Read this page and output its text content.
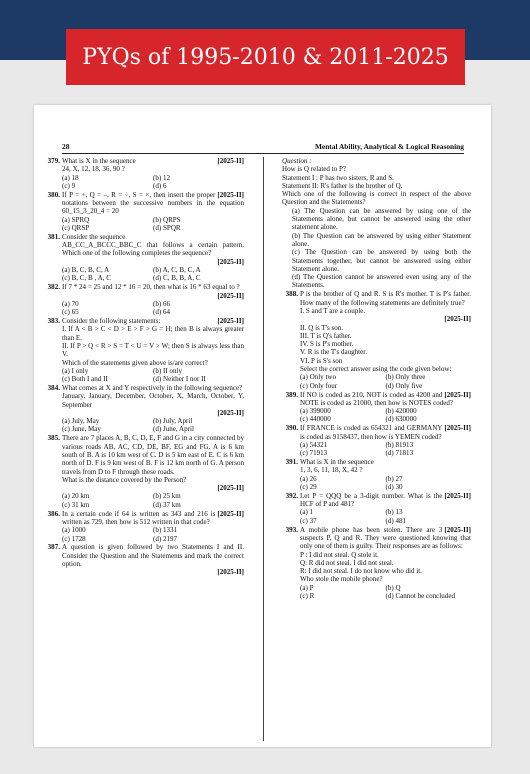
PYQs of 1995-2010 & 2011-2025
28	Mental Ability, Analytical & Logical Reasoning
379.	[2025-II]
What is X in the sequence
24, X, 12, 18, 36, 90 ?
(a) 18	(b) 12
(c) 9	(d) 6
380.	[2025-II]
If P = +, Q = –, R = ÷, S = ×, then insert the proper notations between the successive numbers in the equation 60_15_3_20_4 = 20
(a) SPRQ	(b) QRPS
(c) QRSP	(d) SPQR
381. Consider the sequence
AB_CC_A_BCCC_BBC_C that follows a certain pattern. Which one of the following completes the sequence?
[2025-II]
(a) B, C, B, C, A	(b) A, C, B, C, A
(c) B, C, B , A, C	(d) C, B, B, A, C
382. If 7 * 24 = 25 and 12 * 16 = 20, then what is 16 * 63 equal to ?
[2025-II]
(a) 70	(b) 66
(c) 65	(d) 64
383.	[2025-II]
Consider the following statements:
I. If A < B > C < D > E > F > G = H; then B is always greater than E.
II. If P > Q < R > S = T < U = V > W; then S is always less than V.
Which of the statements given above is/are correct?
(a) I only	(b) II only
(c) Both I and II	(d) Neither I nor II
384. What comes at X and Y respectively in the following sequence?
January, January, December, October, X, March, October, Y, September
[2025-II]
(a) July, May	(b) July, April
(c) June, May	(d) June, April
385. There are 7 places A, B, C, D, E, F and G in a city connected by various roads AB, AC, CD, DE, BF, EG and FG. A is 6 km south of B. A is 10 km west of C. D is 5 km east of E. C is 6 km north of D. F is 9 km west of B. F is 12 km north of G. A person travels from D to F through these roads.
What is the distance covered by the Person?
[2025-II]
(a) 20 km	(b) 25 km
(c) 31 km	(d) 37 km
386.	[2025-II]
In a certain code if 64 is written as 343 and 216 is written as 729, then how is 512 written in that code?
(a) 1000	(b) 1331
(c) 1728	(d) 2197
387. A question is given followed by two Statements I and II. Consider the Question and the Statements and mark the correct option.
[2025-II]
Question :
How is Q related to P?
Statement I : P has two sisters, R and S.
Statement II: R's father is the brother of Q.
Which one of the following is correct in respect of the above Question and the Statements?
(a) The Question can be answered by using one of the Statements alone, but cannot be answered using the other statement alone.
(b) The Question can be answered by using either Statement alone.
(c) The Question can be answered by using both the Statements together, but cannot be answered using either Statement alone.
(d) The Question cannot be answered even using any of the Statements.
388. P is the brother of Q and R. S is R's mother. T is P's father. How many of the following statements are definitely true?
I. S and T are a couple.
[2025-II]
II. Q is T's son.
III. T is Q's father.
IV. S is P's mother.
V. R is the T's daughter.
VI. P is S's son
Select the correct answer using the code given below:
(a) Only two	(b) Only three
(c) Only four	(d) Only five
389.	[2025-II]
If NO is coded as 210, NOT is coded as 4200 and NOTE is coded as 21000, then how is NOTES coded?
(a) 399000	(b) 420000
(c) 440000	(d) 630000
390.	[2025-II]
If FRANCE is coded as 654321 and GERMANY is coded as 9158437, then how is YEMEN coded?
(a) 54321	(b) 81913
(c) 71913	(d) 71813
391. What is X in the sequence
1, 3, 6, 11, 18, X, 42 ?
(a) 26	(b) 27
(c) 29	(d) 30
392.	[2025-II]
Let P = QQQ be a 3-digit number. What is the HCF of P and 481?
(a) 1	(b) 13
(c) 37	(d) 481
393.	[2025-II]
A mobile phone has been stolen. There are 3 suspects P, Q and R. They were questioned knowing that only one of them is guilty. Their responses are as follows:
P : I did not steal. Q stole it.
Q: R did not steal. I did not steal.
R: I did not steal. I do not know who did it.
Who stole the mobile phone?
(a) P	(b) Q
(c) R	(d) Cannot be concluded
